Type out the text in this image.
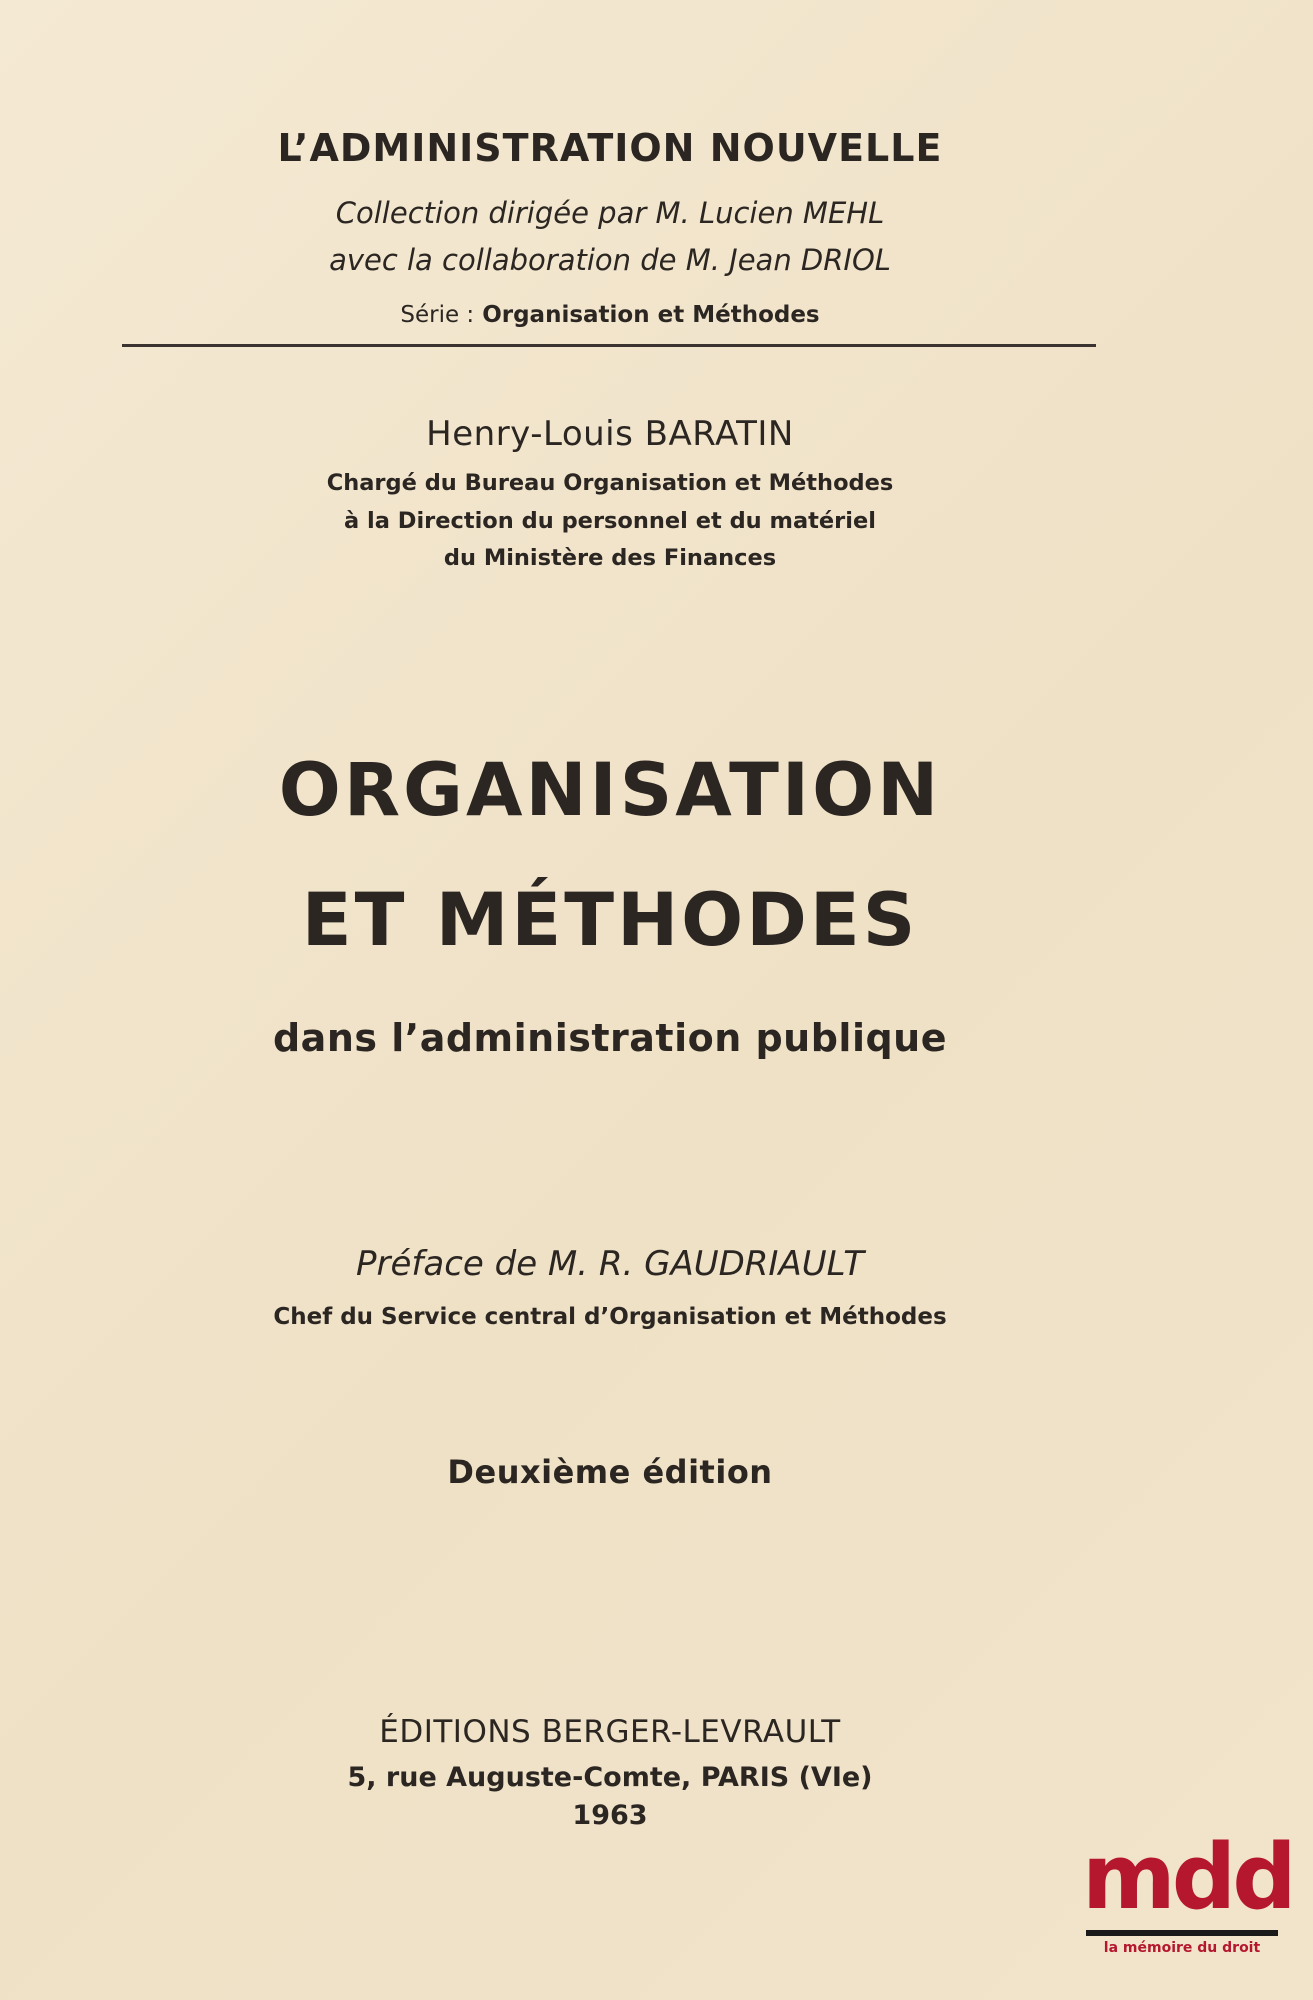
L’ADMINISTRATION NOUVELLE
Collection dirigée par M. Lucien MEHL
avec la collaboration de M. Jean DRIOL
Série : Organisation et Méthodes
Henry-Louis BARATIN
Chargé du Bureau Organisation et Méthodes
à la Direction du personnel et du matériel
du Ministère des Finances
ORGANISATION
ET MÉTHODES
dans l’administration publique
Préface de M. R. GAUDRIAULT
Chef du Service central d’Organisation et Méthodes
Deuxième édition
ÉDITIONS BERGER-LEVRAULT
5, rue Auguste-Comte, PARIS (VIe)
1963
mdd
la mémoire du droit
